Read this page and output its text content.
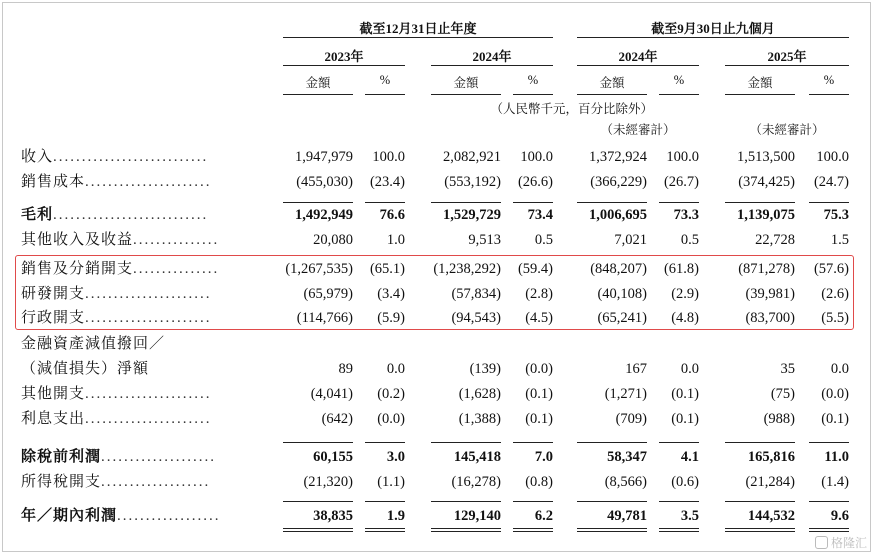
截至12月31日止年度	截至9月30日止九個月
2023年	2024年	2024年	2025年
金額	%	金額	%	金額	%	金額	%
（人民幣千元，百分比除外）
（未經審計）	（未經審計）
收入...........................	1,947,979	100.0	2,082,921	100.0	1,372,924	100.0	1,513,500	100.0
銷售成本......................	(455,030)	(23.4)	(553,192)	(26.6)	(366,229)	(26.7)	(374,425)	(24.7)
毛利...........................	1,492,949	76.6	1,529,729	73.4	1,006,695	73.3	1,139,075	75.3
其他收入及收益...............	20,080	1.0	9,513	0.5	7,021	0.5	22,728	1.5
銷售及分銷開支...............	(1,267,535)	(65.1)	(1,238,292)	(59.4)	(848,207)	(61.8)	(871,278)	(57.6)
研發開支......................	(65,979)	(3.4)	(57,834)	(2.8)	(40,108)	(2.9)	(39,981)	(2.6)
行政開支......................	(114,766)	(5.9)	(94,543)	(4.5)	(65,241)	(4.8)	(83,700)	(5.5)
金融資產減值撥回／
（減值損失）淨額	89	0.0	(139)	(0.0)	167	0.0	35	0.0
其他開支......................	(4,041)	(0.2)	(1,628)	(0.1)	(1,271)	(0.1)	(75)	(0.0)
利息支出......................	(642)	(0.0)	(1,388)	(0.1)	(709)	(0.1)	(988)	(0.1)
除稅前利潤....................	60,155	3.0	145,418	7.0	58,347	4.1	165,816	11.0
所得稅開支...................	(21,320)	(1.1)	(16,278)	(0.8)	(8,566)	(0.6)	(21,284)	(1.4)
年／期內利潤..................	38,835	1.9	129,140	6.2	49,781	3.5	144,532	9.6
格隆汇
